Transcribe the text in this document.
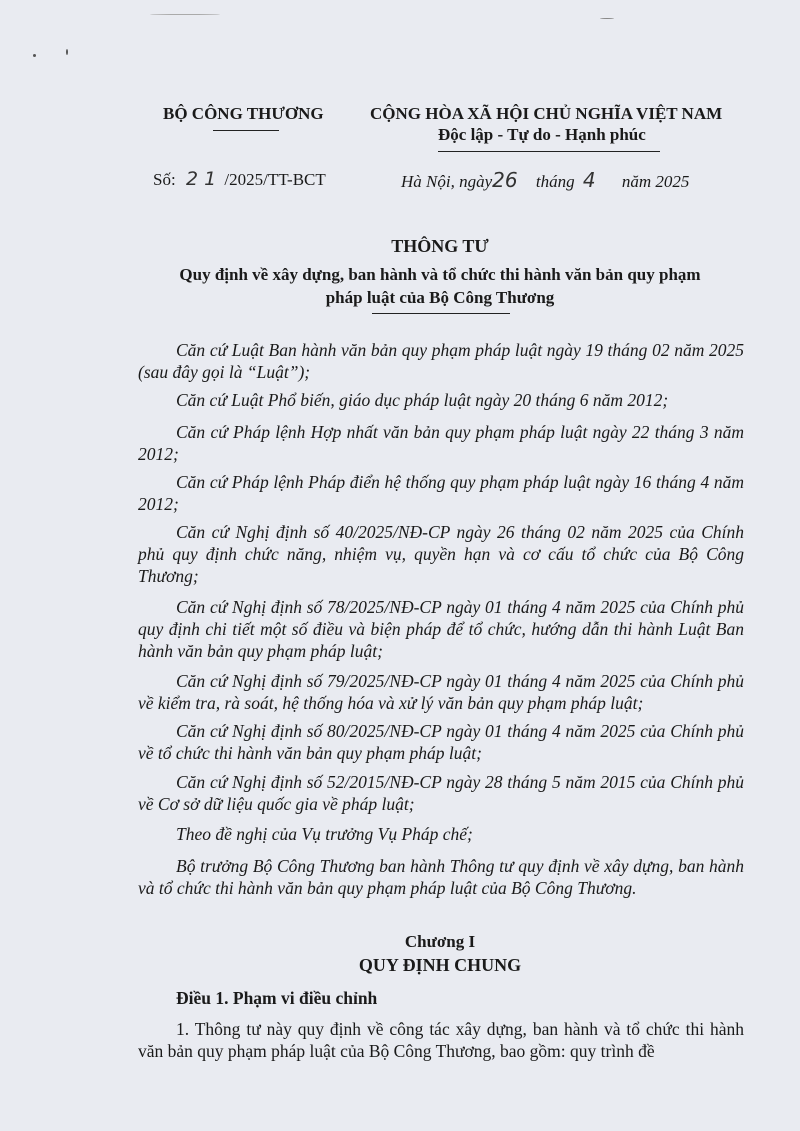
BỘ CÔNG THƯƠNG	CỘNG HÒA XÃ HỘI CHỦ NGHĨA VIỆT NAM
Độc lập - Tự do - Hạnh phúc
Số: 2 1 /2025/TT-BCT	Hà Nội, ngày26 tháng 4 năm 2025
THÔNG TƯ
Quy định về xây dựng, ban hành và tổ chức thi hành văn bản quy phạm
pháp luật của Bộ Công Thương
Căn cứ Luật Ban hành văn bản quy phạm pháp luật ngày 19 tháng 02 năm 2025 (sau đây gọi là “Luật”);
Căn cứ Luật Phổ biến, giáo dục pháp luật ngày 20 tháng 6 năm 2012;
Căn cứ Pháp lệnh Hợp nhất văn bản quy phạm pháp luật ngày 22 tháng 3 năm 2012;
Căn cứ Pháp lệnh Pháp điển hệ thống quy phạm pháp luật ngày 16 tháng 4 năm 2012;
Căn cứ Nghị định số 40/2025/NĐ-CP ngày 26 tháng 02 năm 2025 của Chính phủ quy định chức năng, nhiệm vụ, quyền hạn và cơ cấu tổ chức của Bộ Công Thương;
Căn cứ Nghị định số 78/2025/NĐ-CP ngày 01 tháng 4 năm 2025 của Chính phủ quy định chi tiết một số điều và biện pháp để tổ chức, hướng dẫn thi hành Luật Ban hành văn bản quy phạm pháp luật;
Căn cứ Nghị định số 79/2025/NĐ-CP ngày 01 tháng 4 năm 2025 của Chính phủ về kiểm tra, rà soát, hệ thống hóa và xử lý văn bản quy phạm pháp luật;
Căn cứ Nghị định số 80/2025/NĐ-CP ngày 01 tháng 4 năm 2025 của Chính phủ về tổ chức thi hành văn bản quy phạm pháp luật;
Căn cứ Nghị định số 52/2015/NĐ-CP ngày 28 tháng 5 năm 2015 của Chính phủ về Cơ sở dữ liệu quốc gia về pháp luật;
Theo đề nghị của Vụ trưởng Vụ Pháp chế;
Bộ trưởng Bộ Công Thương ban hành Thông tư quy định về xây dựng, ban hành và tổ chức thi hành văn bản quy phạm pháp luật của Bộ Công Thương.
Chương I
QUY ĐỊNH CHUNG
Điều 1. Phạm vi điều chỉnh
1. Thông tư này quy định về công tác xây dựng, ban hành và tổ chức thi hành văn bản quy phạm pháp luật của Bộ Công Thương, bao gồm: quy trình đề
